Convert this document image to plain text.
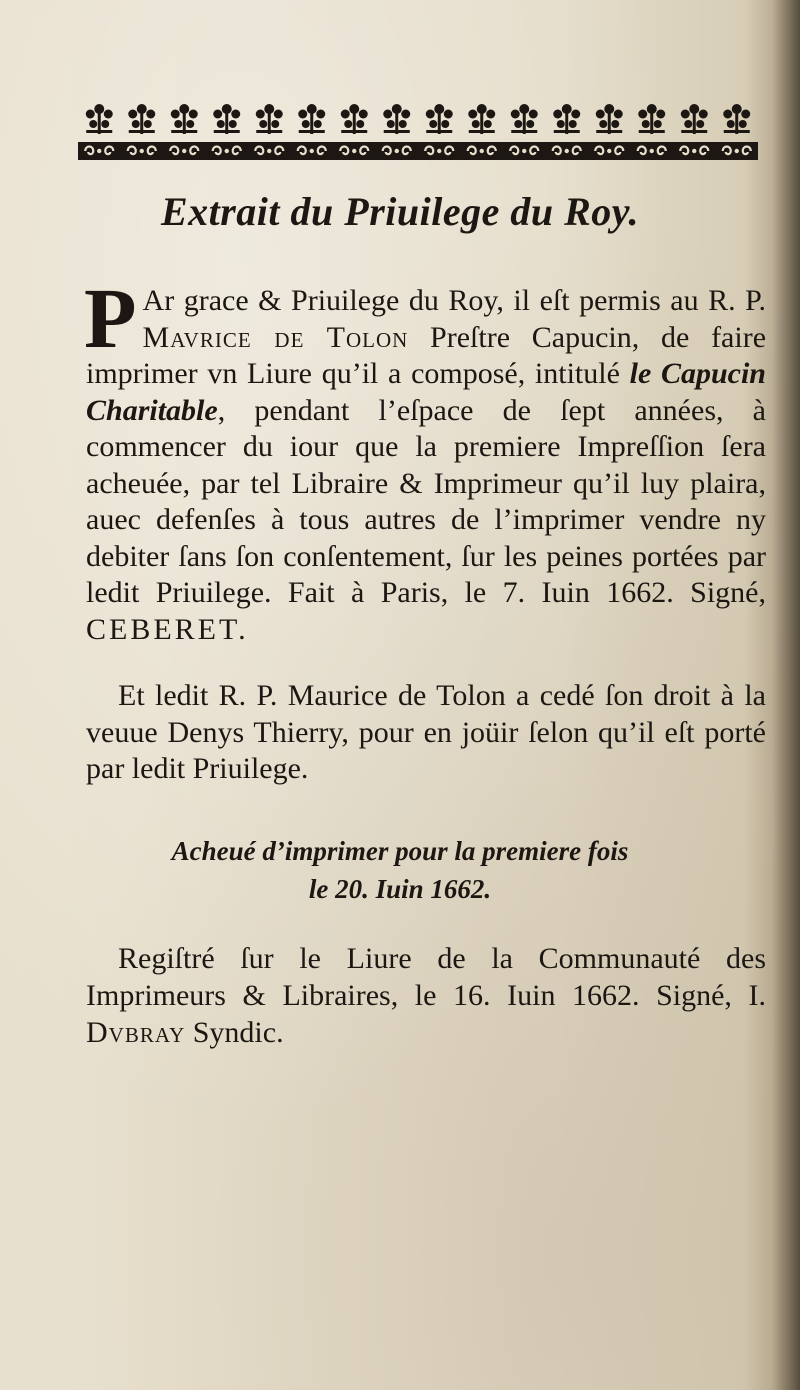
Extrait du Priuilege du Roy.

P Ar grace & Priuilege du Roy, il eſt permis au R. P. Mavrice de Tolon Preſtre Capucin, de faire imprimer vn Liure qu’il a composé, intitulé le Capucin Charitable, pendant l’eſpace de ſept années, à commencer du iour que la premiere Impreſſion ſera acheuée, par tel Libraire & Imprimeur qu’il luy plaira, auec defenſes à tous autres de l’imprimer vendre ny debiter ſans ſon conſentement, ſur les peines portées par ledit Priuilege. Fait à Paris, le 7. Iuin 1662. Signé, CEBERET.

Et ledit R. P. Maurice de Tolon a cedé ſon droit à la veuue Denys Thierry, pour en joüir ſelon qu’il eſt porté par ledit Priuilege.

Acheué d’imprimer pour la premiere fois
le 20. Iuin 1662.

Regiſtré ſur le Liure de la Communauté des Imprimeurs & Libraires, le 16. Iuin 1662. Signé, I. Dvbray Syndic.
